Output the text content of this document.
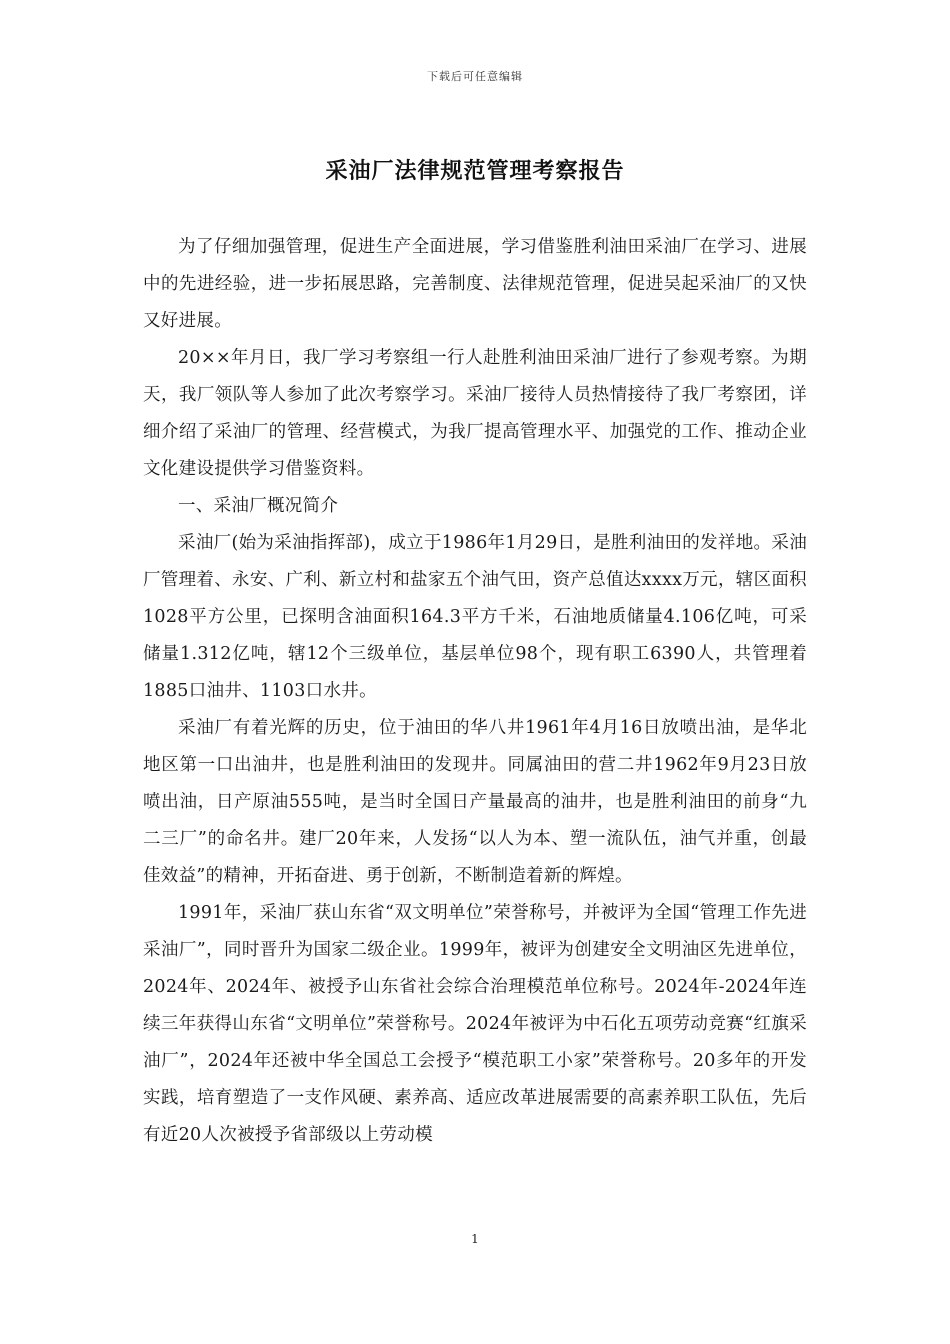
下载后可任意编辑
采油厂法律规范管理考察报告

为了仔细加强管理，促进生产全面进展，学习借鉴胜利油田采油厂在学习、进展中的先进经验，进一步拓展思路，完善制度、法律规范管理，促进吴起采油厂的又快又好进展。

20××年月日，我厂学习考察组一行人赴胜利油田采油厂进行了参观考察。为期天，我厂领队等人参加了此次考察学习。采油厂接待人员热情接待了我厂考察团，详细介绍了采油厂的管理、经营模式，为我厂提高管理水平、加强党的工作、推动企业文化建设提供学习借鉴资料。

一、采油厂概况简介

采油厂(始为采油指挥部)，成立于1986年1月29日，是胜利油田的发祥地。采油厂管理着、永安、广利、新立村和盐家五个油气田，资产总值达xxxx万元，辖区面积1028平方公里，已探明含油面积164.3平方千米，石油地质储量4.106亿吨，可采储量1.312亿吨，辖12个三级单位，基层单位98个，现有职工6390人，共管理着1885口油井、1103口水井。

采油厂有着光辉的历史，位于油田的华八井1961年4月16日放喷出油，是华北地区第一口出油井，也是胜利油田的发现井。同属油田的营二井1962年9月23日放喷出油，日产原油555吨，是当时全国日产量最高的油井，也是胜利油田的前身“九二三厂”的命名井。建厂20年来，人发扬“以人为本、塑一流队伍，油气并重，创最佳效益”的精神，开拓奋进、勇于创新，不断制造着新的辉煌。

1991年，采油厂获山东省“双文明单位”荣誉称号，并被评为全国“管理工作先进采油厂”，同时晋升为国家二级企业。1999年，被评为创建安全文明油区先进单位，2024年、2024年、被授予山东省社会综合治理模范单位称号。2024年-2024年连续三年获得山东省“文明单位”荣誉称号。2024年被评为中石化五项劳动竞赛“红旗采油厂”，2024年还被中华全国总工会授予“模范职工小家”荣誉称号。20多年的开发实践，培育塑造了一支作风硬、素养高、适应改革进展需要的高素养职工队伍，先后有近20人次被授予省部级以上劳动模

1
